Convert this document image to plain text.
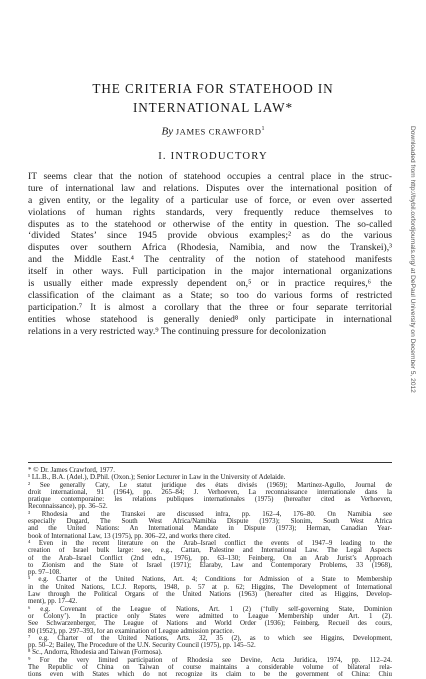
THE CRITERIA FOR STATEHOOD IN
INTERNATIONAL LAW*
By JAMES CRAWFORD$^1$
I. INTRODUCTORY
IT seems clear that the notion of statehood occupies a central place in the struc-
ture of international law and relations. Disputes over the international position of
a given entity, or the legality of a particular use of force, or even over asserted
violations of human rights standards, very frequently reduce themselves to
disputes as to the statehood or otherwise of the entity in question. The so-called
‘divided States’ since 1945 provide obvious examples;² as do the various
disputes over southern Africa (Rhodesia, Namibia, and now the Transkei),³
and the Middle East.⁴ The centrality of the notion of statehood manifests
itself in other ways. Full participation in the major international organizations
is usually either made expressly dependent on,⁵ or in practice requires,⁶ the
classification of the claimant as a State; so too do various forms of restricted
participation.⁷ It is almost a corollary that the three or four separate territorial
entities whose statehood is generally denied⁸ only participate in international
relations in a very restricted way.⁹ The continuing pressure for decolonization
* © Dr. James Crawford, 1977.
¹ LL.B., B.A. (Adel.), D.Phil. (Oxon.); Senior Lecturer in Law in the University of Adelaide.
² See generally Caty, Le statut juridique des états divisés (1969); Martinez-Agullo, Journal de
droit international, 91 (1964), pp. 265–84; J. Verhoeven, La reconnaissance internationale dans la
pratique contemporaine: les relations publiques internationales (1975) (hereafter cited as Verhoeven,
Reconnaissance), pp. 36–52.
³ Rhodesia and the Transkei are discussed infra, pp. 162–4, 176–80. On Namibia see
especially Dugard, The South West Africa/Namibia Dispute (1973); Slonim, South West Africa
and the United Nations: An International Mandate in Dispute (1973); Herman, Canadian Year-
book of International Law, 13 (1975), pp. 306–22, and works there cited.
⁴ Even in the recent literature on the Arab–Israel conflict the events of 1947–9 leading to the
creation of Israel bulk large: see, e.g., Cattan, Palestine and International Law. The Legal Aspects
of the Arab–Israel Conflict (2nd edn., 1976), pp. 63–130; Feinberg, On an Arab Jurist’s Approach
to Zionism and the State of Israel (1971); Elaraby, Law and Contemporary Problems, 33 (1968),
pp. 97–108.
⁵ e.g. Charter of the United Nations, Art. 4; Conditions for Admission of a State to Membership
in the United Nations, I.C.J. Reports, 1948, p. 57 at p. 62; Higgins, The Development of International
Law through the Political Organs of the United Nations (1963) (hereafter cited as Higgins, Develop-
ment), pp. 17–42.
⁶ e.g. Covenant of the League of Nations, Art. 1 (2) (‘fully self-governing State, Dominion
or Colony’). In practice only States were admitted to League Membership under Art. 1 (2).
See Schwarzenberger, The League of Nations and World Order (1936); Feinberg, Recueil des cours,
80 (1952), pp. 297–393, for an examination of League admission practice.
⁷ e.g. Charter of the United Nations, Arts. 32, 35 (2), as to which see Higgins, Development,
pp. 50–2; Bailey, The Procedure of the U.N. Security Council (1975), pp. 145–52.
⁸ Sc., Andorra, Rhodesia and Taiwan (Formosa).
⁹ For the very limited participation of Rhodesia see Devine, Acta Juridica, 1974, pp. 112–24.
The Republic of China on Taiwan of course maintains a considerable volume of bilateral rela-
tions even with States which do not recognize its claim to be the government of China: Chiu
Downloaded from http://bybil.oxfordjournals.org/ at DePaul University on December 5, 2012
